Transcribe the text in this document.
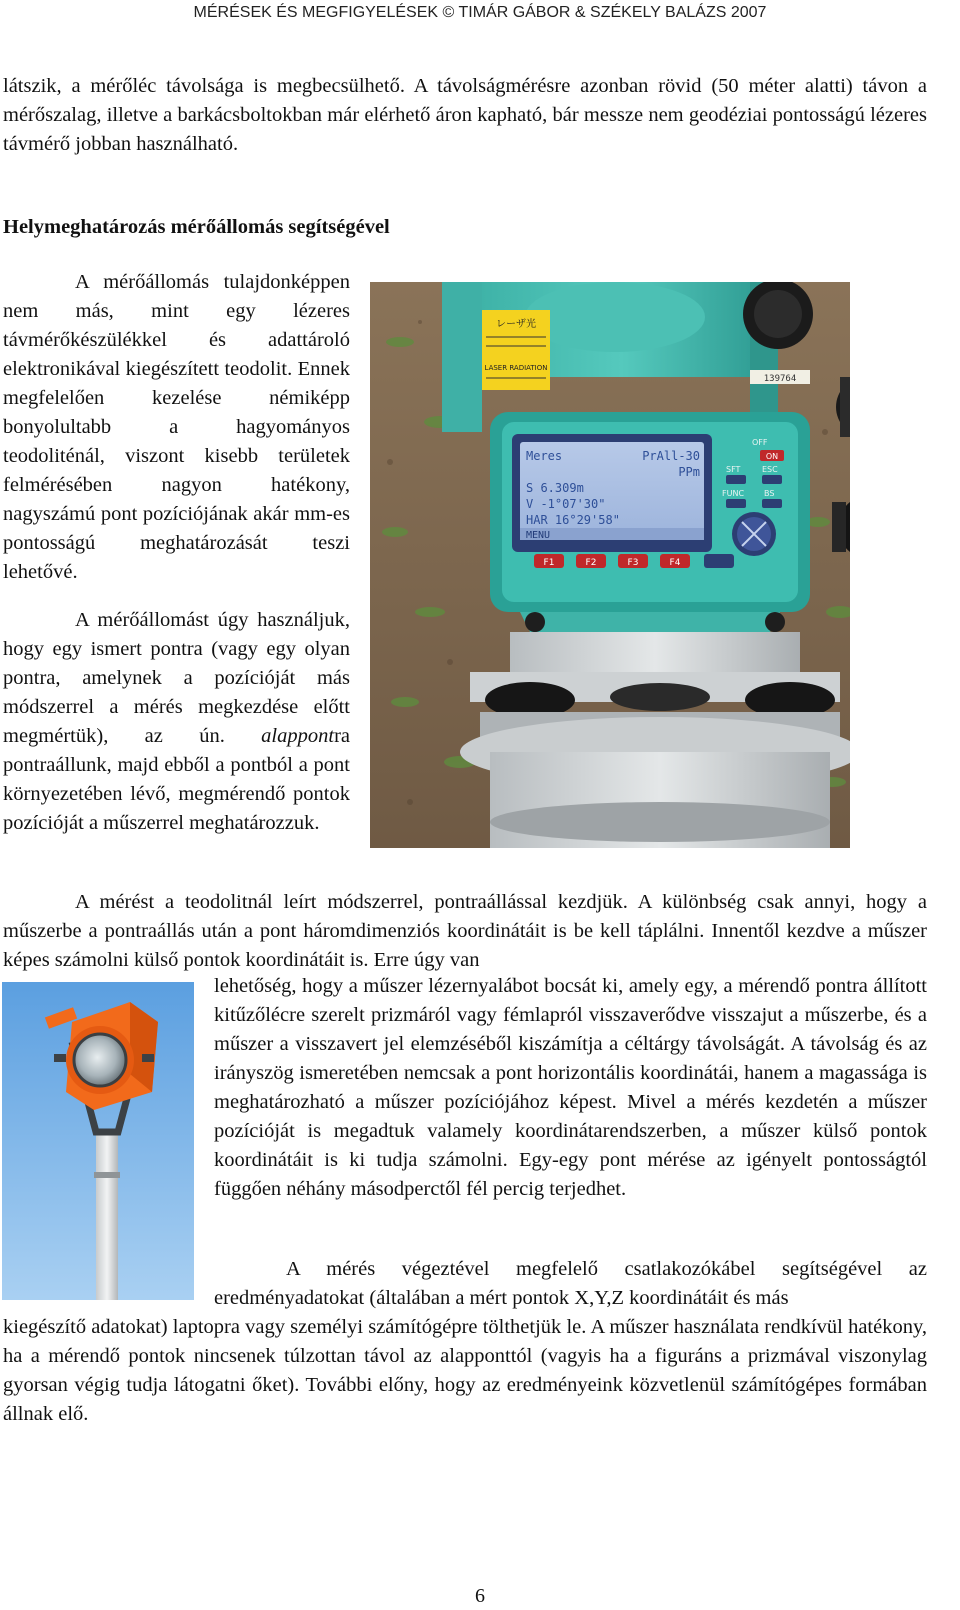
MÉRÉSEK ÉS MEGFIGYELÉSEK © TIMÁR GÁBOR & SZÉKELY BALÁZS 2007

látszik, a mérőléc távolsága is megbecsülhető. A távolságmérésre azonban rövid (50 méter alatti) távon a mérőszalag, illetve a barkácsboltokban már elérhető áron kapható, bár messze nem geodéziai pontosságú lézeres távmérő jobban használható.

Helymeghatározás mérőállomás segítségével

A mérőállomás tulajdonképpen nem más, mint egy lézeres távmérőkészülékkel és adattároló elektronikával kiegészített teodolit. Ennek megfelelően kezelése némiképp bonyolultabb a hagyományos teodoliténál, viszont kisebb területek felmérésében nagyon hatékony, nagyszámú pont pozíciójának akár mm-es pontosságú meghatározását teszi lehetővé.

A mérőállomást úgy használjuk, hogy egy ismert pontra (vagy egy olyan pontra, amelynek a pozícióját más módszerrel a mérés megkezdése előtt megmértük), az ún. alappontra pontraállunk, majd ebből a pontból a pont környezetében lévő, megmérendő pontok pozícióját a műszerrel meghatározzuk.

レーザ光
LASER RADIATION
139764
Meres	PrAll-30
PPm
S 6.309m
V -1°07'30"
HAR 16°29'58"
MENU
OFF
SFT	ESC
FUNC BS
ON
F1	F2	F3	F4

A mérést a teodolitnál leírt módszerrel, pontraállással kezdjük. A különbség csak annyi, hogy a műszerbe a pontraállás után a pont háromdimenziós koordinátáit is be kell táplálni. Innentől kezdve a műszer képes számolni külső pontok koordinátáit is. Erre úgy van

lehetőség, hogy a műszer lézernyalábot bocsát ki, amely egy, a mérendő pontra állított kitűzőlécre szerelt prizmáról vagy fémlapról visszaverődve visszajut a műszerbe, és a műszer a visszavert jel elemzéséből kiszámítja a céltárgy távolságát. A távolság és az irányszög ismeretében nemcsak a pont horizontális koordinátái, hanem a magassága is meghatározható a műszer pozíciójához képest. Mivel a mérés kezdetén a műszer pozícióját is megadtuk valamely koordinátarendszerben, a műszer külső pontok koordinátáit is ki tudja számolni. Egy-egy pont mérése az igényelt pontosságtól függően néhány másodperctől fél percig terjedhet.

A mérés végeztével megfelelő csatlakozókábel segítségével az eredményadatokat (általában a mért pontok X,Y,Z koordinátáit és más

kiegészítő adatokat) laptopra vagy személyi számítógépre tölthetjük le. A műszer használata rendkívül hatékony, ha a mérendő pontok nincsenek túlzottan távol az alapponttól (vagyis ha a figuráns a prizmával viszonylag gyorsan végig tudja látogatni őket). További előny, hogy az eredményeink közvetlenül számítógépes formában állnak elő.

6
